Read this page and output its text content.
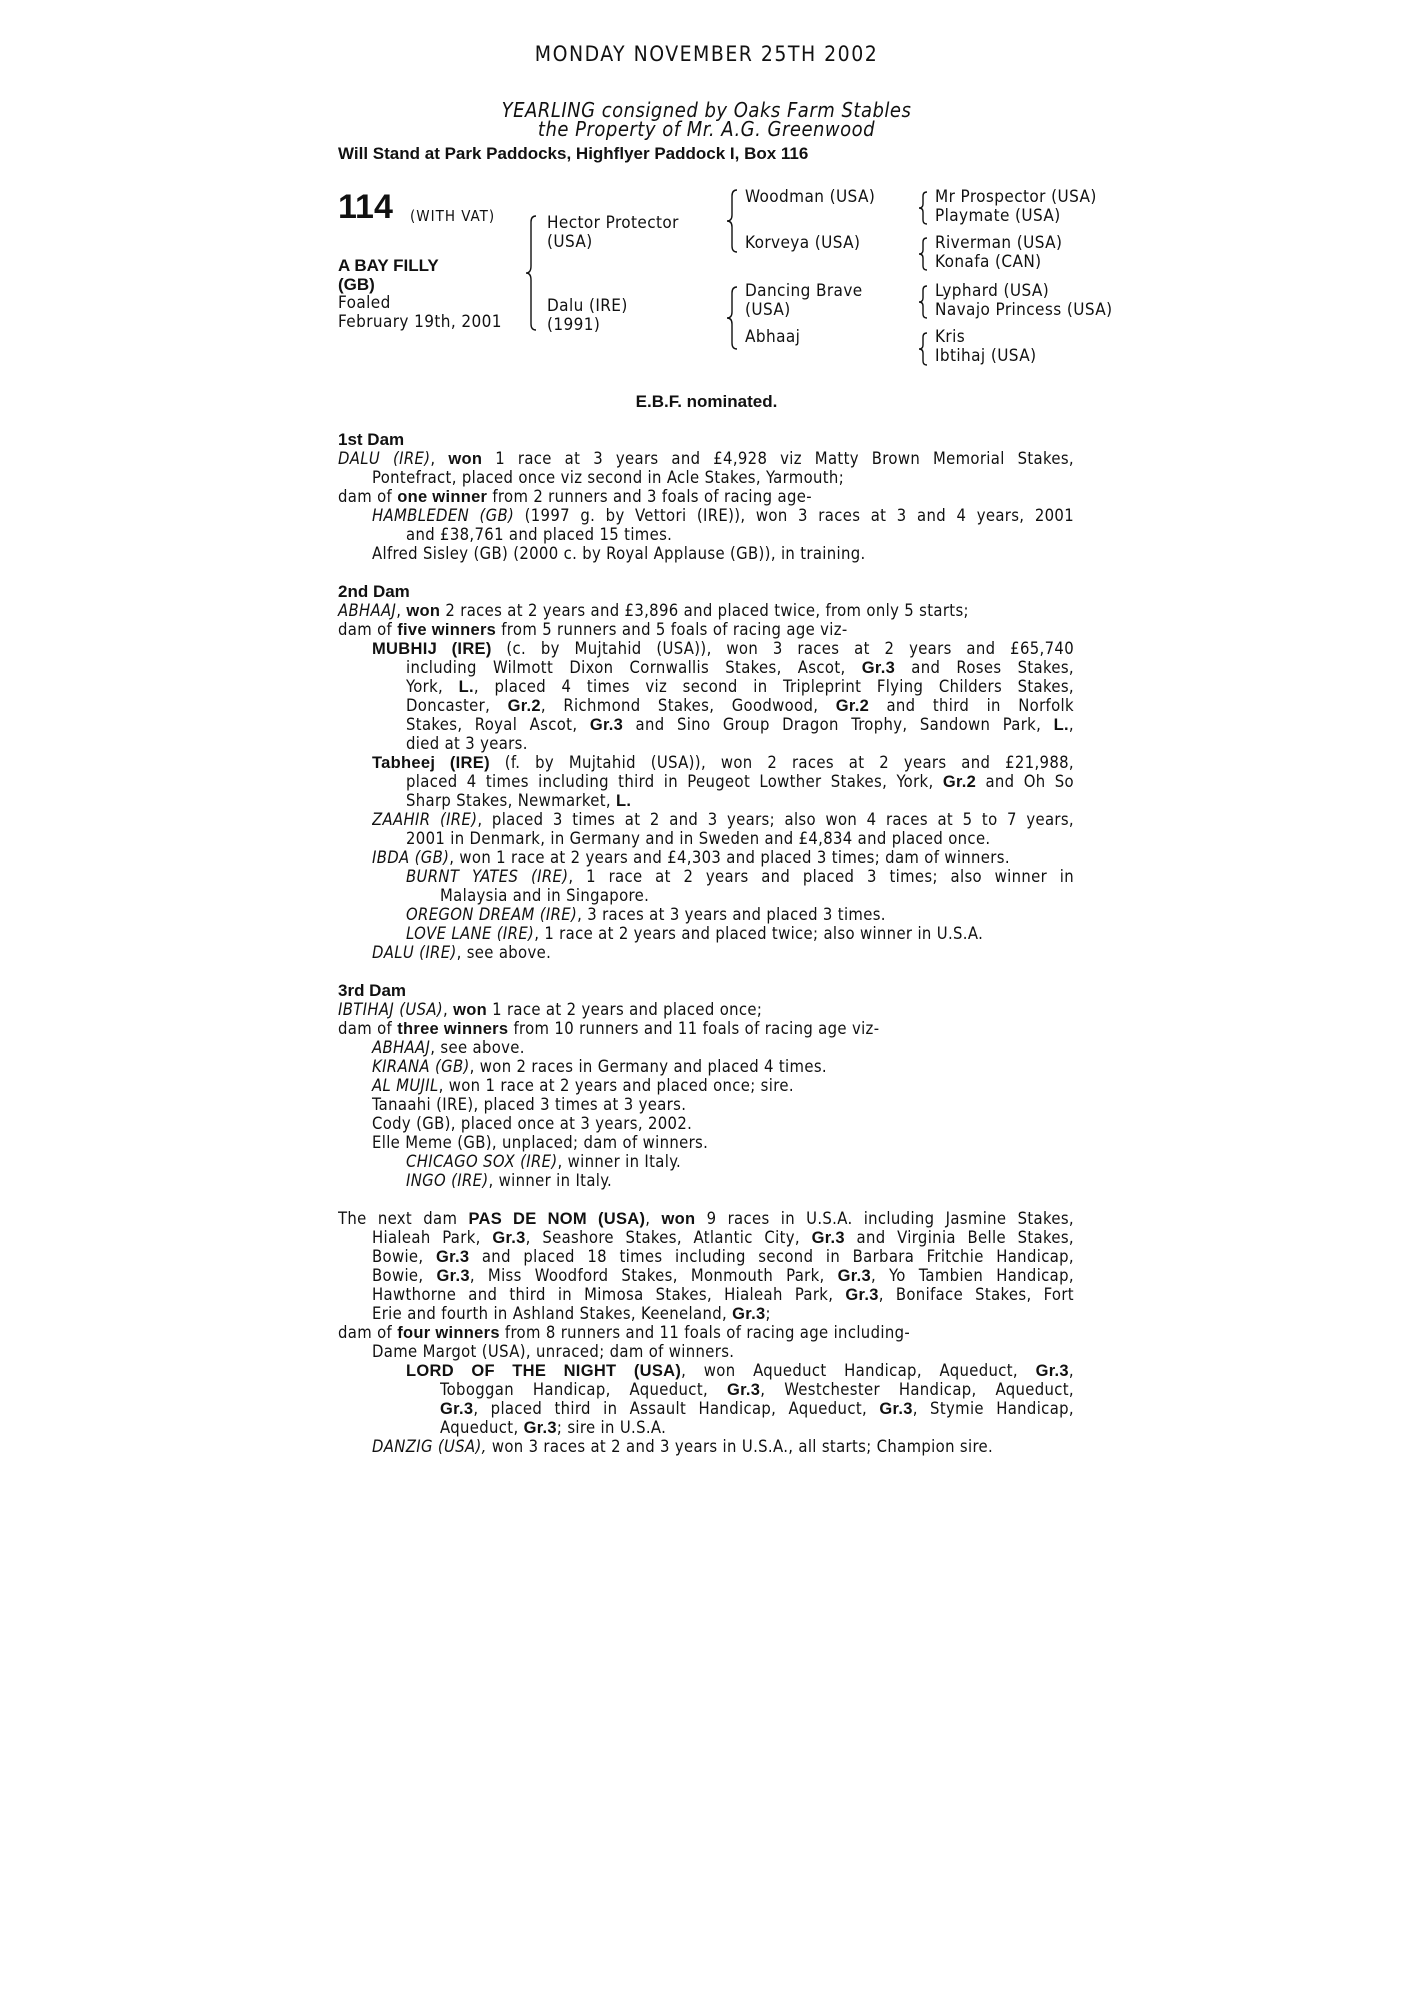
MONDAY NOVEMBER 25TH 2002
YEARLING consigned by Oaks Farm Stables
the Property of Mr. A.G. Greenwood
Will Stand at Park Paddocks, Highflyer Paddock I, Box 116
114 (WITH VAT)
A BAY FILLY
(GB)
Foaled
February 19th, 2001
Hector Protector
(USA)
Dalu (IRE)
(1991)
Woodman (USA)
Korveya (USA)
Dancing Brave
(USA)
Abhaaj
Mr Prospector (USA)
Playmate (USA)
Riverman (USA)
Konafa (CAN)
Lyphard (USA)
Navajo Princess (USA)
Kris
Ibtihaj (USA)
E.B.F. nominated.
1st Dam
DALU (IRE), won 1 race at 3 years and £4,928 viz Matty Brown Memorial Stakes,
Pontefract, placed once viz second in Acle Stakes, Yarmouth;
dam of one winner from 2 runners and 3 foals of racing age-
HAMBLEDEN (GB) (1997 g. by Vettori (IRE)), won 3 races at 3 and 4 years, 2001
and £38,761 and placed 15 times.
Alfred Sisley (GB) (2000 c. by Royal Applause (GB)), in training.
2nd Dam
ABHAAJ, won 2 races at 2 years and £3,896 and placed twice, from only 5 starts;
dam of five winners from 5 runners and 5 foals of racing age viz-
MUBHIJ (IRE) (c. by Mujtahid (USA)), won 3 races at 2 years and £65,740
including Wilmott Dixon Cornwallis Stakes, Ascot, Gr.3 and Roses Stakes,
York, L., placed 4 times viz second in Tripleprint Flying Childers Stakes,
Doncaster, Gr.2, Richmond Stakes, Goodwood, Gr.2 and third in Norfolk
Stakes, Royal Ascot, Gr.3 and Sino Group Dragon Trophy, Sandown Park, L.,
died at 3 years.
Tabheej (IRE) (f. by Mujtahid (USA)), won 2 races at 2 years and £21,988,
placed 4 times including third in Peugeot Lowther Stakes, York, Gr.2 and Oh So
Sharp Stakes, Newmarket, L.
ZAAHIR (IRE), placed 3 times at 2 and 3 years; also won 4 races at 5 to 7 years,
2001 in Denmark, in Germany and in Sweden and £4,834 and placed once.
IBDA (GB), won 1 race at 2 years and £4,303 and placed 3 times; dam of winners.
BURNT YATES (IRE), 1 race at 2 years and placed 3 times; also winner in
Malaysia and in Singapore.
OREGON DREAM (IRE), 3 races at 3 years and placed 3 times.
LOVE LANE (IRE), 1 race at 2 years and placed twice; also winner in U.S.A.
DALU (IRE), see above.
3rd Dam
IBTIHAJ (USA), won 1 race at 2 years and placed once;
dam of three winners from 10 runners and 11 foals of racing age viz-
ABHAAJ, see above.
KIRANA (GB), won 2 races in Germany and placed 4 times.
AL MUJIL, won 1 race at 2 years and placed once; sire.
Tanaahi (IRE), placed 3 times at 3 years.
Cody (GB), placed once at 3 years, 2002.
Elle Meme (GB), unplaced; dam of winners.
CHICAGO SOX (IRE), winner in Italy.
INGO (IRE), winner in Italy.
The next dam PAS DE NOM (USA), won 9 races in U.S.A. including Jasmine Stakes,
Hialeah Park, Gr.3, Seashore Stakes, Atlantic City, Gr.3 and Virginia Belle Stakes,
Bowie, Gr.3 and placed 18 times including second in Barbara Fritchie Handicap,
Bowie, Gr.3, Miss Woodford Stakes, Monmouth Park, Gr.3, Yo Tambien Handicap,
Hawthorne and third in Mimosa Stakes, Hialeah Park, Gr.3, Boniface Stakes, Fort
Erie and fourth in Ashland Stakes, Keeneland, Gr.3;
dam of four winners from 8 runners and 11 foals of racing age including-
Dame Margot (USA), unraced; dam of winners.
LORD OF THE NIGHT (USA), won Aqueduct Handicap, Aqueduct, Gr.3,
Toboggan Handicap, Aqueduct, Gr.3, Westchester Handicap, Aqueduct,
Gr.3, placed third in Assault Handicap, Aqueduct, Gr.3, Stymie Handicap,
Aqueduct, Gr.3; sire in U.S.A.
DANZIG (USA), won 3 races at 2 and 3 years in U.S.A., all starts; Champion sire.
